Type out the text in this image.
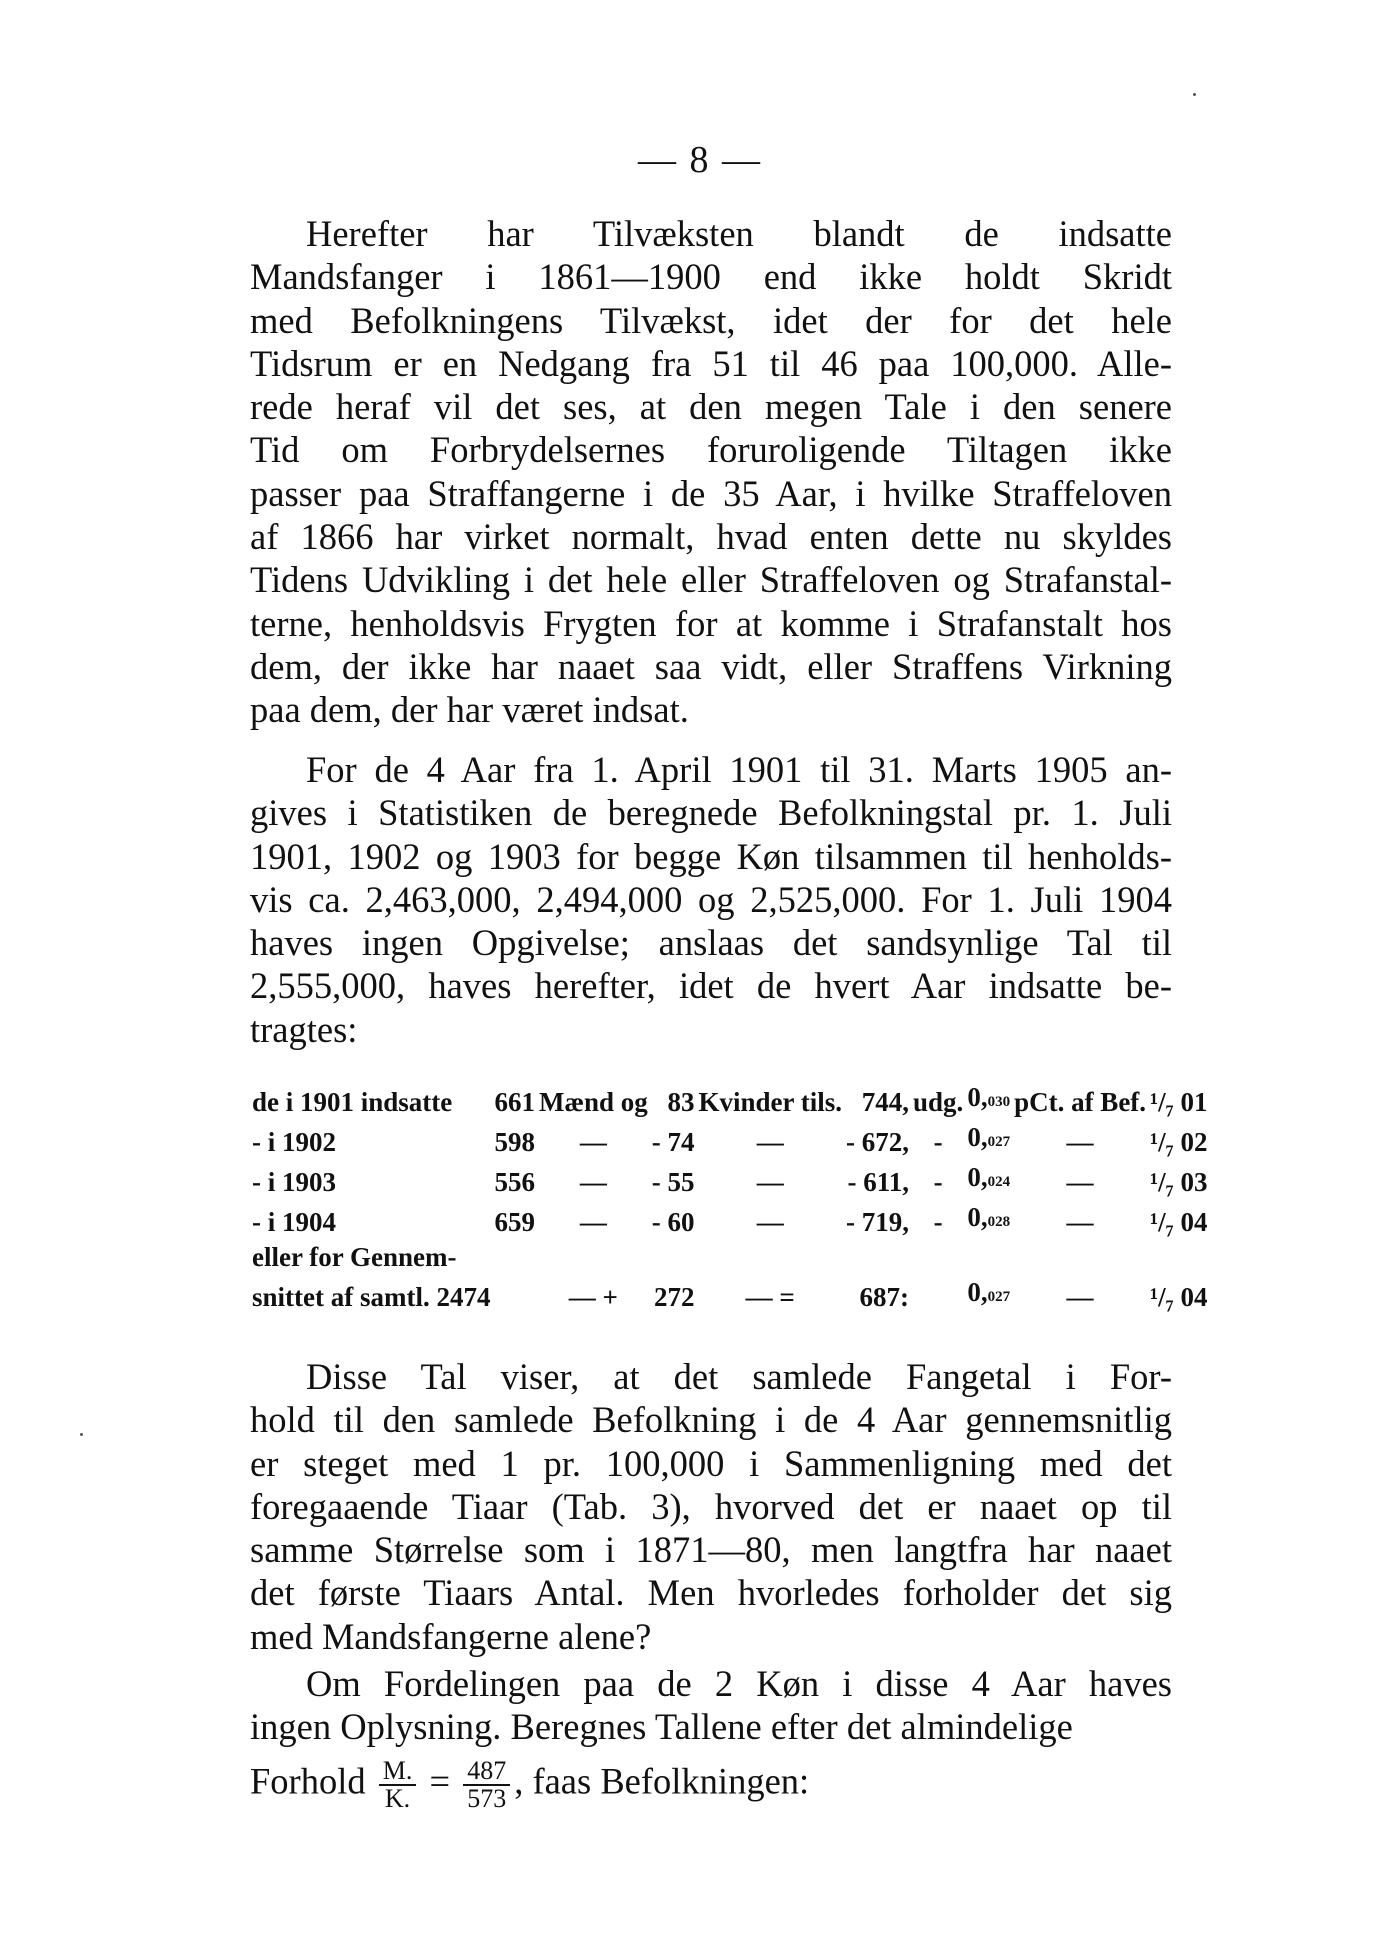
— 8 —
Herefter har Tilvæksten blandt de indsatte
Mandsfanger i 1861—1900 end ikke holdt Skridt
med Befolkningens Tilvækst, idet der for det hele
Tidsrum er en Nedgang fra 51 til 46 paa 100,000. Alle-
rede heraf vil det ses, at den megen Tale i den senere
Tid om Forbrydelsernes foruroligende Tiltagen ikke
passer paa Straffangerne i de 35 Aar, i hvilke Straffeloven
af 1866 har virket normalt, hvad enten dette nu skyldes
Tidens Udvikling i det hele eller Straffeloven og Strafanstal-
terne, henholdsvis Frygten for at komme i Strafanstalt hos
dem, der ikke har naaet saa vidt, eller Straffens Virkning
paa dem, der har været indsat.
For de 4 Aar fra 1. April 1901 til 31. Marts 1905 an-
gives i Statistiken de beregnede Befolkningstal pr. 1. Juli
1901, 1902 og 1903 for begge Køn tilsammen til henholds-
vis ca. 2,463,000, 2,494,000 og 2,525,000. For 1. Juli 1904
haves ingen Opgivelse; anslaas det sandsynlige Tal til
2,555,000, haves herefter, idet de hvert Aar indsatte be-
tragtes:
de i 1901 indsatte	661	Mænd og	83	Kvinder tils.	744,	udg.	0,030	pCt. af Bef.	¹/₇ 01
- i 1902	598	—	- 74	—	- 672,	-	0,027	—	¹/₇ 02
- i 1903	556	—	- 55	—	- 611,	-	0,024	—	¹/₇ 03
- i 1904	659	—	- 60	—	- 719,	-	0,028	—	¹/₇ 04
eller for Gennem-									
snittet af samtl. 2474		— +	272	— =	687:		0,027	—	¹/₇ 04
Disse Tal viser, at det samlede Fangetal i For-
hold til den samlede Befolkning i de 4 Aar gennemsnitlig
er steget med 1 pr. 100,000 i Sammenligning med det
foregaaende Tiaar (Tab. 3), hvorved det er naaet op til
samme Størrelse som i 1871—80, men langtfra har naaet
det første Tiaars Antal. Men hvorledes forholder det sig
med Mandsfangerne alene?
Om Fordelingen paa de 2 Køn i disse 4 Aar haves
ingen Oplysning. Beregnes Tallene efter det almindelige
Forhold $\frac{M.}{K.} = \frac{487}{573}$ , faas Befolkningen:
